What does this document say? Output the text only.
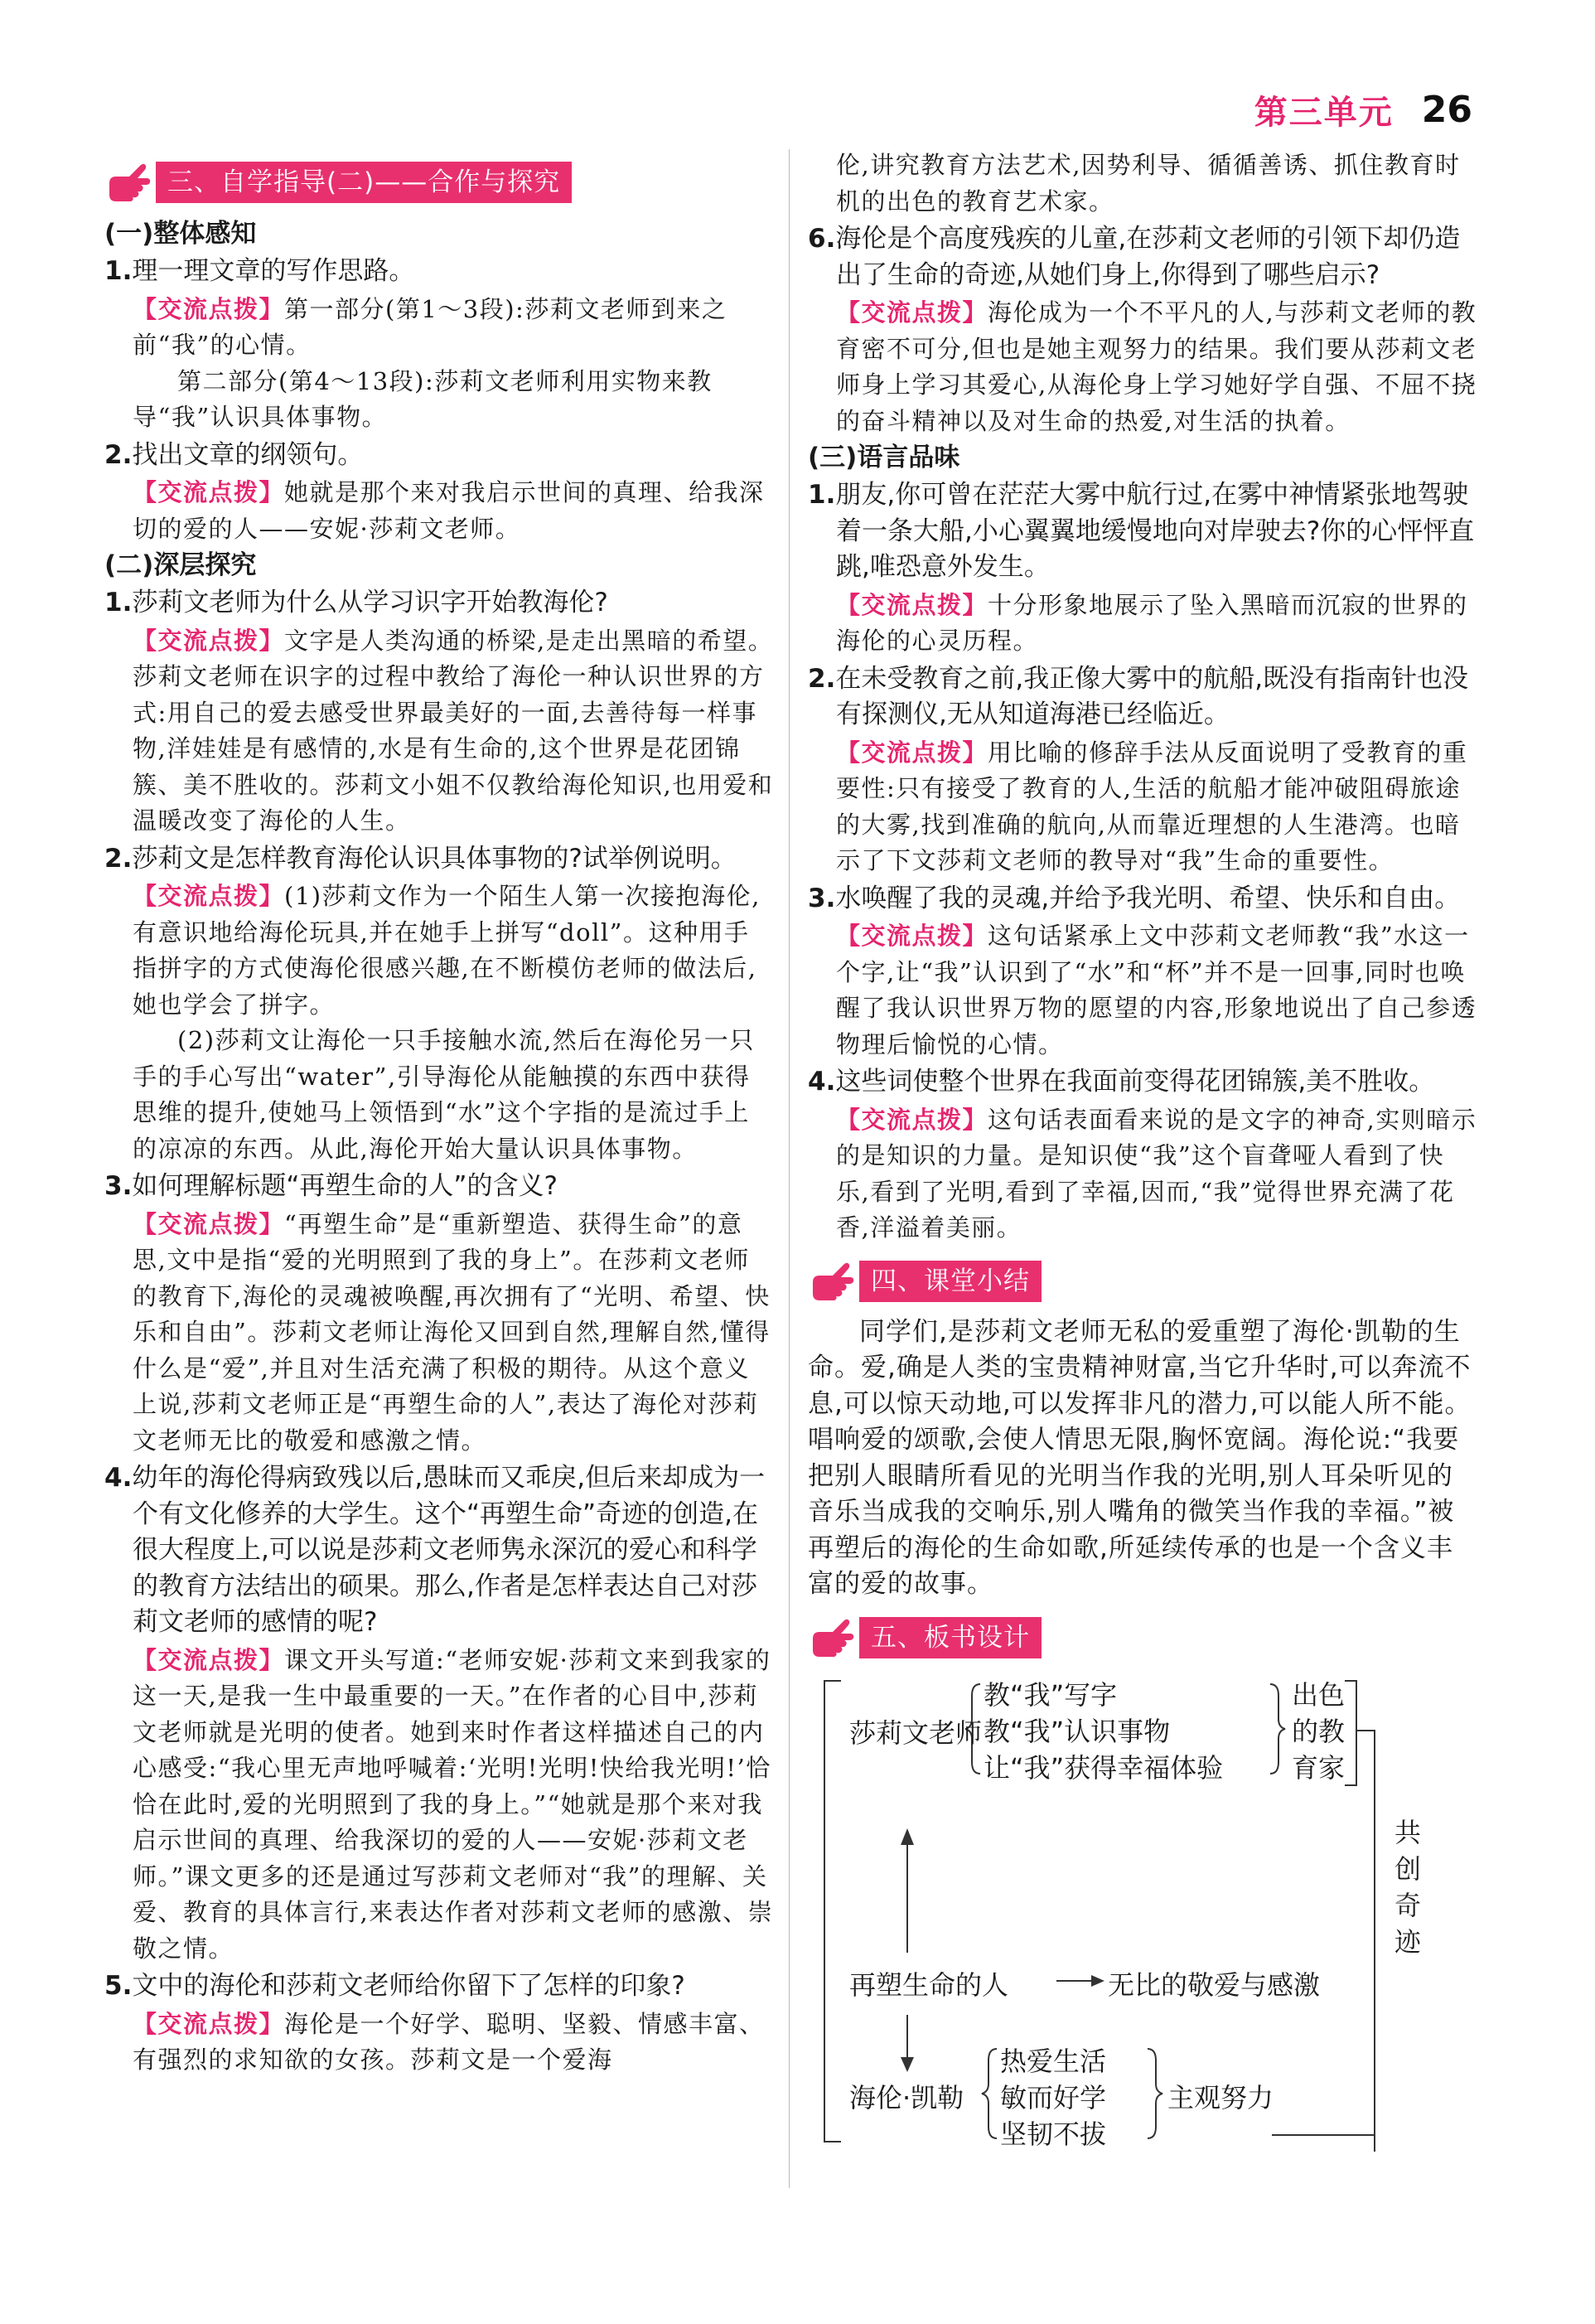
第三单元 26
三、自学指导(二)——合作与探究
(一)整体感知
1.理一理文章的写作思路。

【交流点拨】第一部分(第1～3段):莎莉文老师到来之前“我”的心情。

第二部分(第4～13段):莎莉文老师利用实物来教导“我”认识具体事物。

2.找出文章的纲领句。

【交流点拨】她就是那个来对我启示世间的真理、给我深切的爱的人——安妮·莎莉文老师。

(二)深层探究
1.莎莉文老师为什么从学习识字开始教海伦?

【交流点拨】文字是人类沟通的桥梁,是走出黑暗的希望。莎莉文老师在识字的过程中教给了海伦一种认识世界的方式:用自己的爱去感受世界最美好的一面,去善待每一样事物,洋娃娃是有感情的,水是有生命的,这个世界是花团锦簇、美不胜收的。莎莉文小姐不仅教给海伦知识,也用爱和温暖改变了海伦的人生。

2.莎莉文是怎样教育海伦认识具体事物的?试举例说明。

【交流点拨】(1)莎莉文作为一个陌生人第一次接抱海伦,有意识地给海伦玩具,并在她手上拼写“doll”。这种用手指拼字的方式使海伦很感兴趣,在不断模仿老师的做法后,她也学会了拼字。

(2)莎莉文让海伦一只手接触水流,然后在海伦另一只手的手心写出“water”,引导海伦从能触摸的东西中获得思维的提升,使她马上领悟到“水”这个字指的是流过手上的凉凉的东西。从此,海伦开始大量认识具体事物。

3.如何理解标题“再塑生命的人”的含义?

【交流点拨】“再塑生命”是“重新塑造、获得生命”的意思,文中是指“爱的光明照到了我的身上”。在莎莉文老师的教育下,海伦的灵魂被唤醒,再次拥有了“光明、希望、快乐和自由”。莎莉文老师让海伦又回到自然,理解自然,懂得什么是“爱”,并且对生活充满了积极的期待。从这个意义上说,莎莉文老师正是“再塑生命的人”,表达了海伦对莎莉文老师无比的敬爱和感激之情。

4.幼年的海伦得病致残以后,愚昧而又乖戾,但后来却成为一个有文化修养的大学生。这个“再塑生命”奇迹的创造,在很大程度上,可以说是莎莉文老师隽永深沉的爱心和科学的教育方法结出的硕果。那么,作者是怎样表达自己对莎莉文老师的感情的呢?

【交流点拨】课文开头写道:“老师安妮·莎莉文来到我家的这一天,是我一生中最重要的一天。”在作者的心目中,莎莉文老师就是光明的使者。她到来时作者这样描述自己的内心感受:“我心里无声地呼喊着:‘光明!光明!快给我光明!’恰恰在此时,爱的光明照到了我的身上。”“她就是那个来对我启示世间的真理、给我深切的爱的人——安妮·莎莉文老师。”课文更多的还是通过写莎莉文老师对“我”的理解、关爱、教育的具体言行,来表达作者对莎莉文老师的感激、崇敬之情。

5.文中的海伦和莎莉文老师给你留下了怎样的印象?

【交流点拨】海伦是一个好学、聪明、坚毅、情感丰富、有强烈的求知欲的女孩。莎莉文是一个爱海

伦,讲究教育方法艺术,因势利导、循循善诱、抓住教育时机的出色的教育艺术家。

6.海伦是个高度残疾的儿童,在莎莉文老师的引领下却仍造出了生命的奇迹,从她们身上,你得到了哪些启示?

【交流点拨】海伦成为一个不平凡的人,与莎莉文老师的教育密不可分,但也是她主观努力的结果。我们要从莎莉文老师身上学习其爱心,从海伦身上学习她好学自强、不屈不挠的奋斗精神以及对生命的热爱,对生活的执着。

(三)语言品味
1.朋友,你可曾在茫茫大雾中航行过,在雾中神情紧张地驾驶着一条大船,小心翼翼地缓慢地向对岸驶去?你的心怦怦直跳,唯恐意外发生。

【交流点拨】十分形象地展示了坠入黑暗而沉寂的世界的海伦的心灵历程。

2.在未受教育之前,我正像大雾中的航船,既没有指南针也没有探测仪,无从知道海港已经临近。

【交流点拨】用比喻的修辞手法从反面说明了受教育的重要性:只有接受了教育的人,生活的航船才能冲破阻碍旅途的大雾,找到准确的航向,从而靠近理想的人生港湾。也暗示了下文莎莉文老师的教导对“我”生命的重要性。

3.水唤醒了我的灵魂,并给予我光明、希望、快乐和自由。

【交流点拨】这句话紧承上文中莎莉文老师教“我”水这一个字,让“我”认识到了“水”和“杯”并不是一回事,同时也唤醒了我认识世界万物的愿望的内容,形象地说出了自己参透物理后愉悦的心情。

4.这些词使整个世界在我面前变得花团锦簇,美不胜收。

【交流点拨】这句话表面看来说的是文字的神奇,实则暗示的是知识的力量。是知识使“我”这个盲聋哑人看到了快乐,看到了光明,看到了幸福,因而,“我”觉得世界充满了花香,洋溢着美丽。

四、课堂小结

同学们,是莎莉文老师无私的爱重塑了海伦·凯勒的生命。爱,确是人类的宝贵精神财富,当它升华时,可以奔流不息,可以惊天动地,可以发挥非凡的潜力,可以能人所不能。唱响爱的颂歌,会使人情思无限,胸怀宽阔。海伦说:“我要把别人眼睛所看见的光明当作我的光明,别人耳朵听见的音乐当成我的交响乐,别人嘴角的微笑当作我的幸福。”被再塑后的海伦的生命如歌,所延续传承的也是一个含义丰富的爱的故事。

五、板书设计
莎莉文老师
教“我”写字
教“我”认识事物
让“我”获得幸福体验
出色
的教
育家
共
创
奇
迹
再塑生命的人	无比的敬爱与感激
海伦·凯勒
热爱生活
敏而好学
坚韧不拔
主观努力
